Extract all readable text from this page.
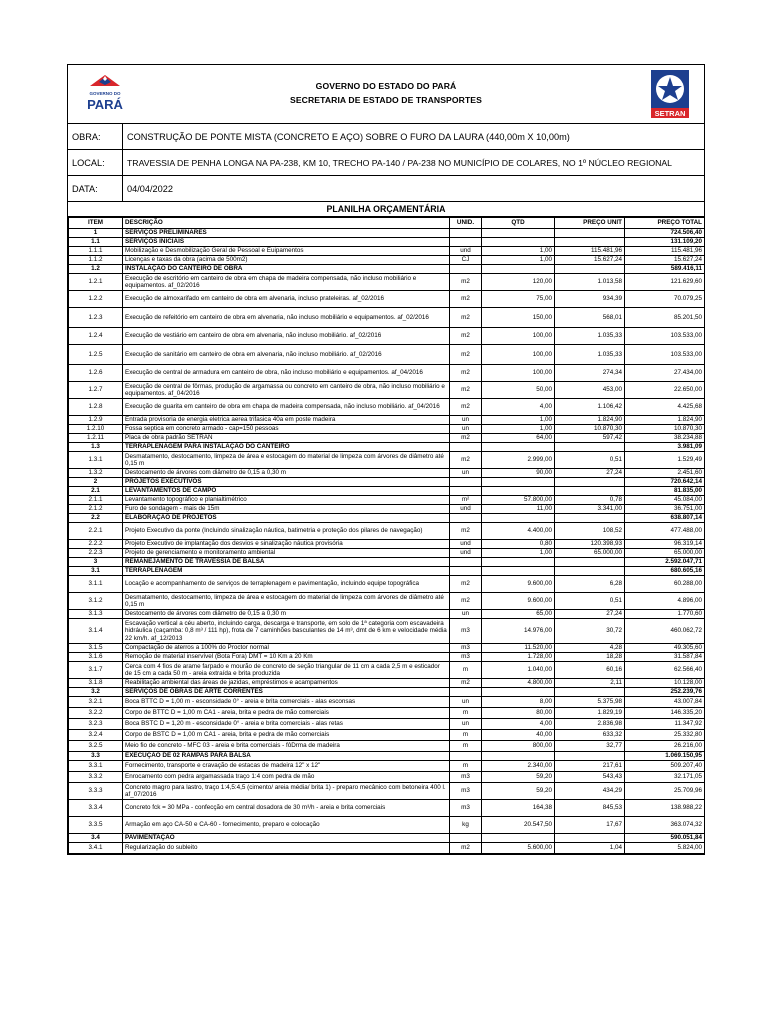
GOVERNO DO
PARÁ
GOVERNO DO ESTADO DO PARÁ
SECRETARIA DE ESTADO DE TRANSPORTES
SETRAN
OBRA:	CONSTRUÇÃO DE PONTE MISTA (CONCRETO E AÇO) SOBRE O FURO DA LAURA (440,00m X 10,00m)
LOCAL:	TRAVESSIA DE PENHA LONGA NA PA-238, KM 10, TRECHO PA-140 / PA-238 NO MUNICÍPIO DE COLARES, NO 1º NÚCLEO REGIONAL
DATA:	04/04/2022
PLANILHA ORÇAMENTÁRIA
ITEM	DESCRIÇÃO	UNID.	QTD	PREÇO UNIT	PREÇO TOTAL
1	SERVIÇOS PRELIMINARES				724.506,40
1.1	SERVIÇOS INICIAIS				131.109,20
1.1.1	Mobilização e Desmobilização Geral de Pessoal e Euipamentos	und	1,00	115.481,96	115.481,96
1.1.2	Licenças e taxas da obra (acima de 500m2)	CJ	1,00	15.627,24	15.627,24
1.2	INSTALAÇÃO DO CANTEIRO DE OBRA				589.416,11
1.2.1	Execução de escritório em canteiro de obra em chapa de madeira compensada, não incluso mobiliário e equipamentos. af_02/2016	m2	120,00	1.013,58	121.629,60
1.2.2	Execução de almoxarifado em canteiro de obra em alvenaria, incluso prateleiras. af_02/2016	m2	75,00	934,39	70.079,25
1.2.3	Execução de refeitório em canteiro de obra em alvenaria, não incluso mobiliário e equipamentos. af_02/2016	m2	150,00	568,01	85.201,50
1.2.4	Execução de vestiário em canteiro de obra em alvenaria, não incluso mobiliário. af_02/2016	m2	100,00	1.035,33	103.533,00
1.2.5	Execução de sanitário em canteiro de obra em alvenaria, não incluso mobiliário. af_02/2016	m2	100,00	1.035,33	103.533,00
1.2.6	Execução de central de armadura em canteiro de obra, não incluso mobiliário e equipamentos. af_04/2016	m2	100,00	274,34	27.434,00
1.2.7	Execução de central de fôrmas, produção de argamassa ou concreto em canteiro de obra, não incluso mobiliário e equipamentos. af_04/2016	m2	50,00	453,00	22.650,00
1.2.8	Execução de guarita em canteiro de obra em chapa de madeira compensada, não incluso mobiliário. af_04/2016	m2	4,00	1.106,42	4.425,68
1.2.9	Entrada provisoria de energia eletrica aerea trifasica 40a em poste madeira	un	1,00	1.824,90	1.824,90
1.2.10	Fossa septica em concreto armado - cap=150 pessoas	un	1,00	10.870,30	10.870,30
1.2.11	Placa de obra padrão SETRAN	m2	64,00	597,42	38.234,88
1.3	TERRAPLENAGEM PARA INSTALAÇÃO DO CANTEIRO				3.981,09
1.3.1	Desmatamento, destocamento, limpeza de área e estocagem do material de limpeza com árvores de diâmetro até 0,15 m	m2	2.999,00	0,51	1.529,49
1.3.2	Destocamento de árvores com diâmetro de 0,15 a 0,30 m	un	90,00	27,24	2.451,60
2	PROJETOS EXECUTIVOS				720.642,14
2.1	LEVANTAMENTOS DE CAMPO				81.835,00
2.1.1	Levantamento topográfico e planialtimétrico	m²	57.800,00	0,78	45.084,00
2.1.2	Furo de sondagem - mais de 15m	und	11,00	3.341,00	36.751,00
2.2	ELABORAÇÃO DE PROJETOS				638.807,14
2.2.1	Projeto Executivo da ponte (Incluindo sinalização náutica, batimetria e proteção dos pilares de navegação)	m2	4.400,00	108,52	477.488,00
2.2.2	Projeto Executivo de implantação dos desvios e sinalização náutica provisória	und	0,80	120.398,93	96.319,14
2.2.3	Projeto de gerenciamento e monitoramento ambiental	und	1,00	65.000,00	65.000,00
3	REMANEJAMENTO DE TRAVESSIA DE BALSA				2.592.047,71
3.1	TERRAPLENAGEM				680.605,16
3.1.1	Locação e acompanhamento de serviços de terraplenagem e pavimentação, incluindo equipe topográfica	m2	9.600,00	6,28	60.288,00
3.1.2	Desmatamento, destocamento, limpeza de área e estocagem do material de limpeza com árvores de diâmetro até 0,15 m	m2	9.600,00	0,51	4.896,00
3.1.3	Destocamento de árvores com diâmetro de 0,15 a 0,30 m	un	65,00	27,24	1.770,60
3.1.4	Escavação vertical a céu aberto, incluindo carga, descarga e transporte, em solo de 1ª categoria com escavadeira hidráulica (caçamba: 0,8 m³ / 111 hp), frota de 7 caminhões basculantes de 14 m³, dmt de 6 km e velocidade média 22 km/h. af_12/2013	m3	14.976,00	30,72	460.062,72
3.1.5	Compactação de aterros a 100% do Proctor normal	m3	11.520,00	4,28	49.305,60
3.1.6	Remoção de material inservível (Bota Fora) DMT = 10 Km a 20 Km	m3	1.728,00	18,28	31.587,84
3.1.7	Cerca com 4 fios de arame farpado e mourão de concreto de seção triangular de 11 cm a cada 2,5 m e esticador de 15 cm a cada 50 m - areia extraída e brita produzida	m	1.040,00	60,16	62.566,40
3.1.8	Reabilitação ambiental das áreas de jazidas, empréstimos e acampamentos	m2	4.800,00	2,11	10.128,00
3.2	SERVIÇOS DE OBRAS DE ARTE CORRENTES				252.239,76
3.2.1	Boca BTTC D = 1,00 m - esconsidade 0° - areia e brita comerciais - alas esconsas	un	8,00	5.375,98	43.007,84
3.2.2	Corpo de BTTC D = 1,00 m CA1 - areia, brita e pedra de mão comerciais	m	80,00	1.829,19	146.335,20
3.2.3	Boca BSTC D = 1,20 m - esconsidade 0° - areia e brita comerciais - alas retas	un	4,00	2.836,98	11.347,92
3.2.4	Corpo de BSTC D = 1,00 m CA1 - areia, brita e pedra de mão comerciais	m	40,00	633,32	25.332,80
3.2.5	Meio fio de concreto - MFC 03 - areia e brita comerciais - fôDrma de madeira	m	800,00	32,77	26.216,00
3.3	EXECUÇÃO DE 02 RAMPAS PARA BALSA				1.069.150,95
3.3.1	Fornecimento, transporte e cravação de estacas de madeira 12" x 12"	m	2.340,00	217,61	509.207,40
3.3.2	Enrocamento com pedra argamassada traço 1:4 com pedra de mão	m3	59,20	543,43	32.171,05
3.3.3	Concreto magro para lastro, traço 1:4,5:4,5 (cimento/ areia média/ brita 1) - preparo mecânico com betoneira 400 l. af_07/2016	m3	59,20	434,29	25.709,96
3.3.4	Concreto fck = 30 MPa - confecção em central dosadora de 30 m³/h - areia e brita comerciais	m3	164,38	845,53	138.988,22
3.3.5	Armação em aço CA-50 e CA-60 - fornecimento, preparo e colocação	kg	20.547,50	17,67	363.074,32
3.4	PAVIMENTAÇÃO				590.051,84
3.4.1	Regularização do subleito	m2	5.600,00	1,04	5.824,00
